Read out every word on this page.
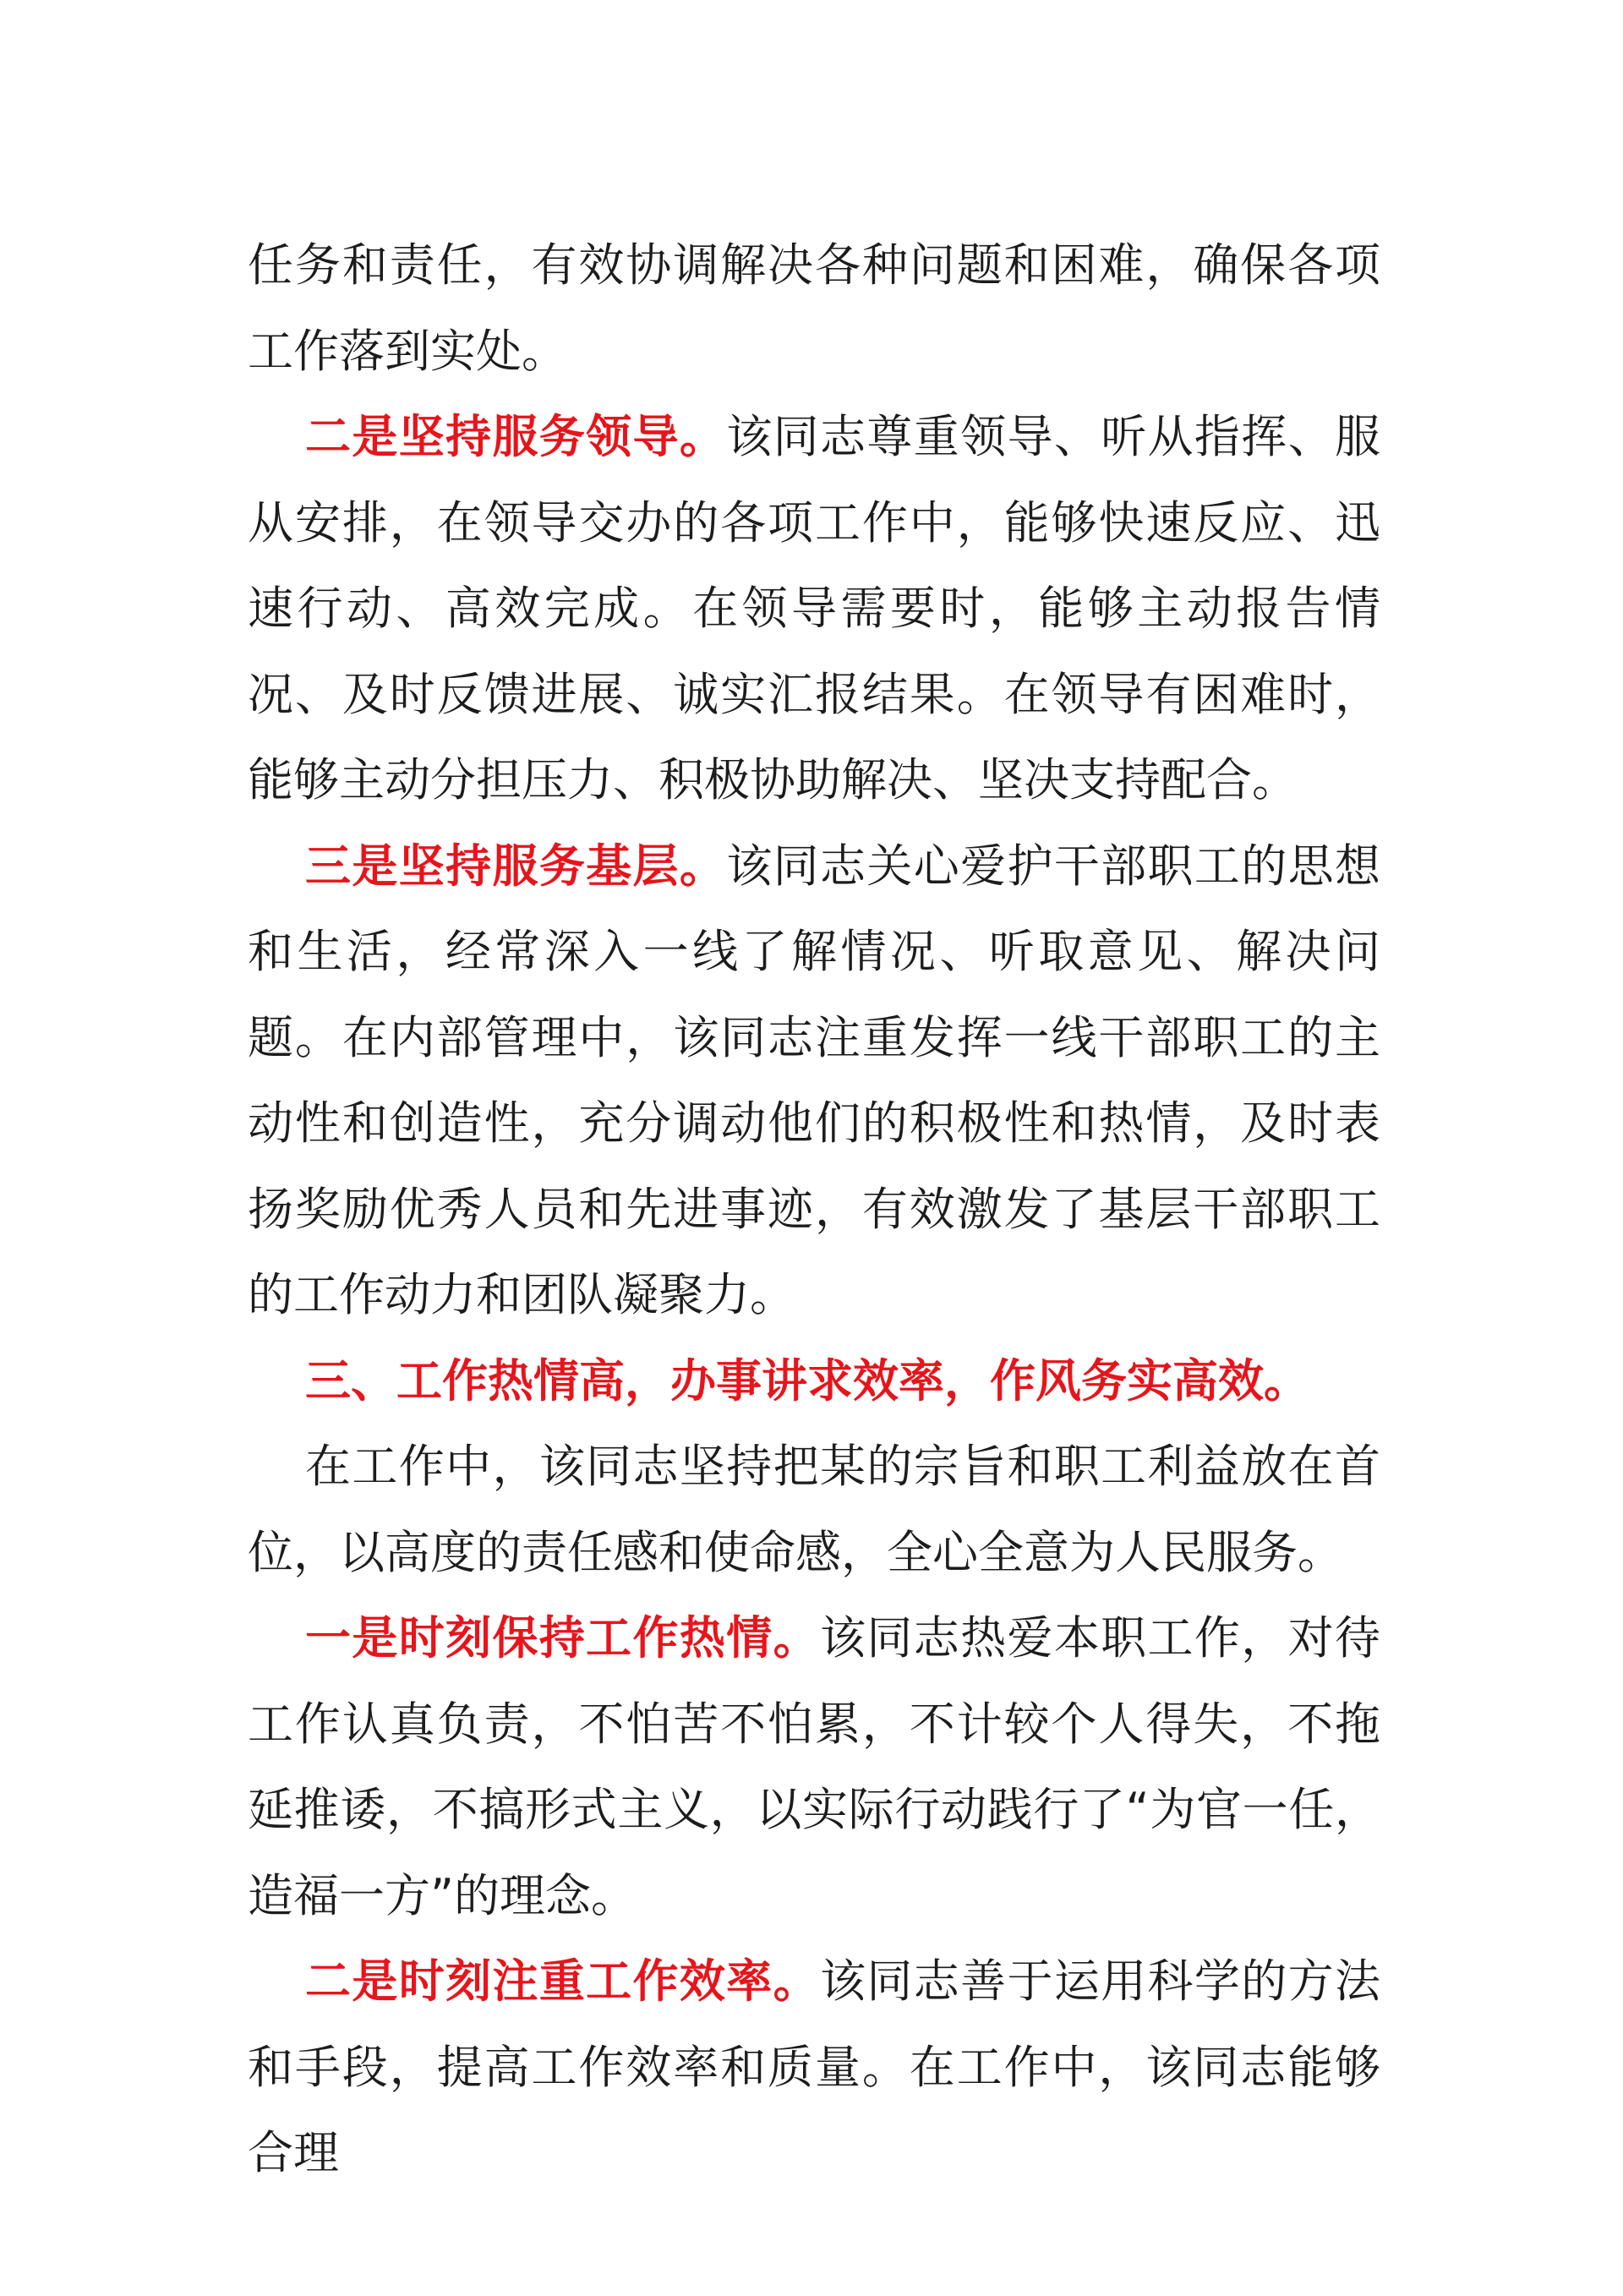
任务和责任，有效协调解决各种问题和困难，确保各项工作落到实处。

二是坚持服务领导。该同志尊重领导、听从指挥、服从安排，在领导交办的各项工作中，能够快速反应、迅速行动、高效完成。在领导需要时，能够主动报告情况、及时反馈进展、诚实汇报结果。在领导有困难时，能够主动分担压力、积极协助解决、坚决支持配合。

三是坚持服务基层。该同志关心爱护干部职工的思想和生活，经常深入一线了解情况、听取意见、解决问题。在内部管理中，该同志注重发挥一线干部职工的主动性和创造性，充分调动他们的积极性和热情，及时表扬奖励优秀人员和先进事迹，有效激发了基层干部职工的工作动力和团队凝聚力。

三、工作热情高，办事讲求效率，作风务实高效。

在工作中，该同志坚持把某的宗旨和职工利益放在首位，以高度的责任感和使命感，全心全意为人民服务。

一是时刻保持工作热情。该同志热爱本职工作，对待工作认真负责，不怕苦不怕累，不计较个人得失，不拖延推诿，不搞形式主义，以实际行动践行了“为官一任，造福一方”的理念。

二是时刻注重工作效率。该同志善于运用科学的方法和手段，提高工作效率和质量。在工作中，该同志能够合理
